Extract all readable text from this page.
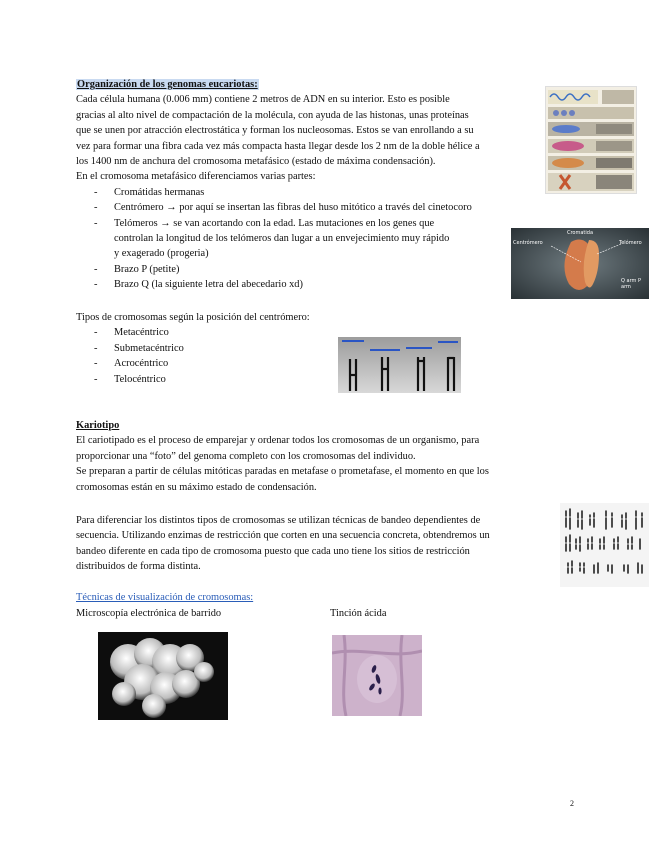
Organización de los genomas eucariotas:

Cada célula humana (0.006 mm) contiene 2 metros de ADN en su interior. Esto es posible

gracias al alto nivel de compactación de la molécula, con ayuda de las histonas, unas proteínas

que se unen por atracción electrostática y forman los nucleosomas. Estos se van enrollando a su

vez para formar una fibra cada vez más compacta hasta llegar desde los 2 nm de la doble hélice a

los 1400 nm de anchura del cromosoma metafásico (estado de máxima condensación).

En el cromosoma metafásico diferenciamos varias partes:

- Cromátidas hermanas
- Centrómero → por aquí se insertan las fibras del huso mitótico a través del cinetocoro
- Telómeros → se van acortando con la edad. Las mutaciones en los genes que
controlan la longitud de los telómeros dan lugar a un envejecimiento muy rápido
y exagerado (progeria)
- Brazo P (petite)
- Brazo Q (la siguiente letra del abecedario xd)
Cromatida
Centrómero	Telómero
Q arm P arm

Tipos de cromosomas según la posición del centrómero:

- Metacéntrico
- Submetacéntrico
- Acrocéntrico
- Telocéntrico

Kariotipo

El cariotipado es el proceso de emparejar y ordenar todos los cromosomas de un organismo, para

proporcionar una “foto” del genoma completo con los cromosomas del individuo.

Se preparan a partir de células mitóticas paradas en metafase o prometafase, el momento en que los

cromosomas están en su máximo estado de condensación.

Para diferenciar los distintos tipos de cromosomas se utilizan técnicas de bandeo dependientes de

secuencia. Utilizando enzimas de restricción que corten en una secuencia concreta, obtendremos un

bandeo diferente en cada tipo de cromosoma puesto que cada uno tiene los sitios de restricción

distribuidos de forma distinta.

Técnicas de visualización de cromosomas:

Microscopía electrónica de barrido	Tinción ácida
2
